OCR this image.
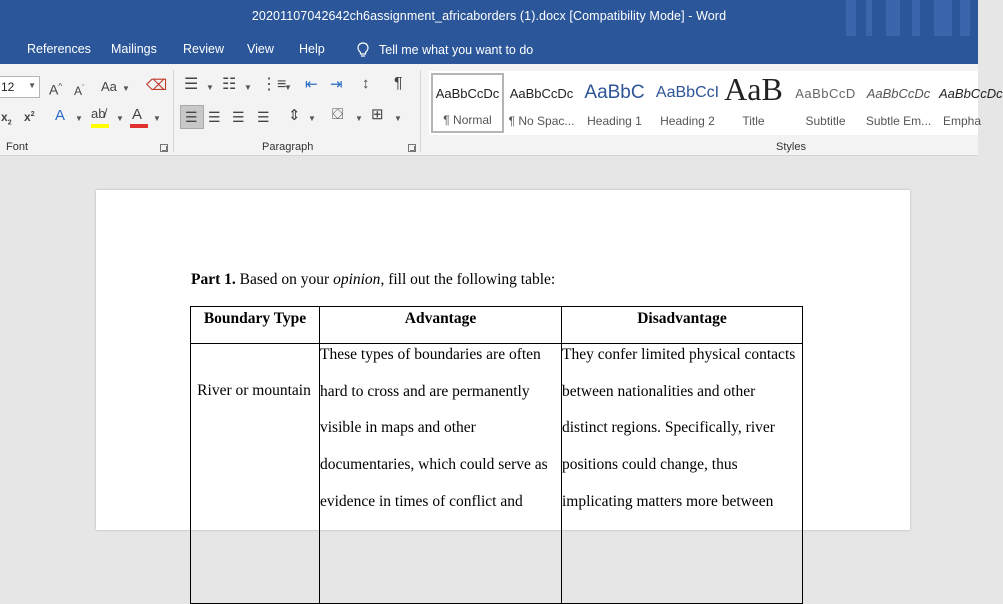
20201107042642ch6assignment_africaborders (1).docx [Compatibility Mode] - Word
References Mailings Review View Help	Tell me what you want to do
12 ▼ A^ $A^ˇ$ Aa ▼ ⌫
$x_2$ $x^2$ A ▼ ab̸ ▼ A ▼
Font
☰ ▼ ☷ ▼ ⋮≡
▼ ⇤ ⇥ ↕ ¶
☰ ☰ ☰ ☰ ⇕ ▼ ⛋ ▼ ⊞ ▼
Paragraph
AaBbCcDc
¶ Normal
AaBbCcDc
¶ No Spac...
AaBbC
Heading 1
AaBbCcI
Heading 2
AaB
Title
AaBbCcD
Subtitle
AaBbCcDc
Subtle Em...
AaBbCcDc
Empha
Styles
Part 1. Based on your opinion, fill out the following table:
Boundary Type	Advantage	Disadvantage

River or mountain	These types of boundaries are often hard to cross and are permanently visible in maps and other documentaries, which could serve as evidence in times of conflict and	They confer limited physical contacts between nationalities and other distinct regions. Specifically, river positions could change, thus implicating matters more between
